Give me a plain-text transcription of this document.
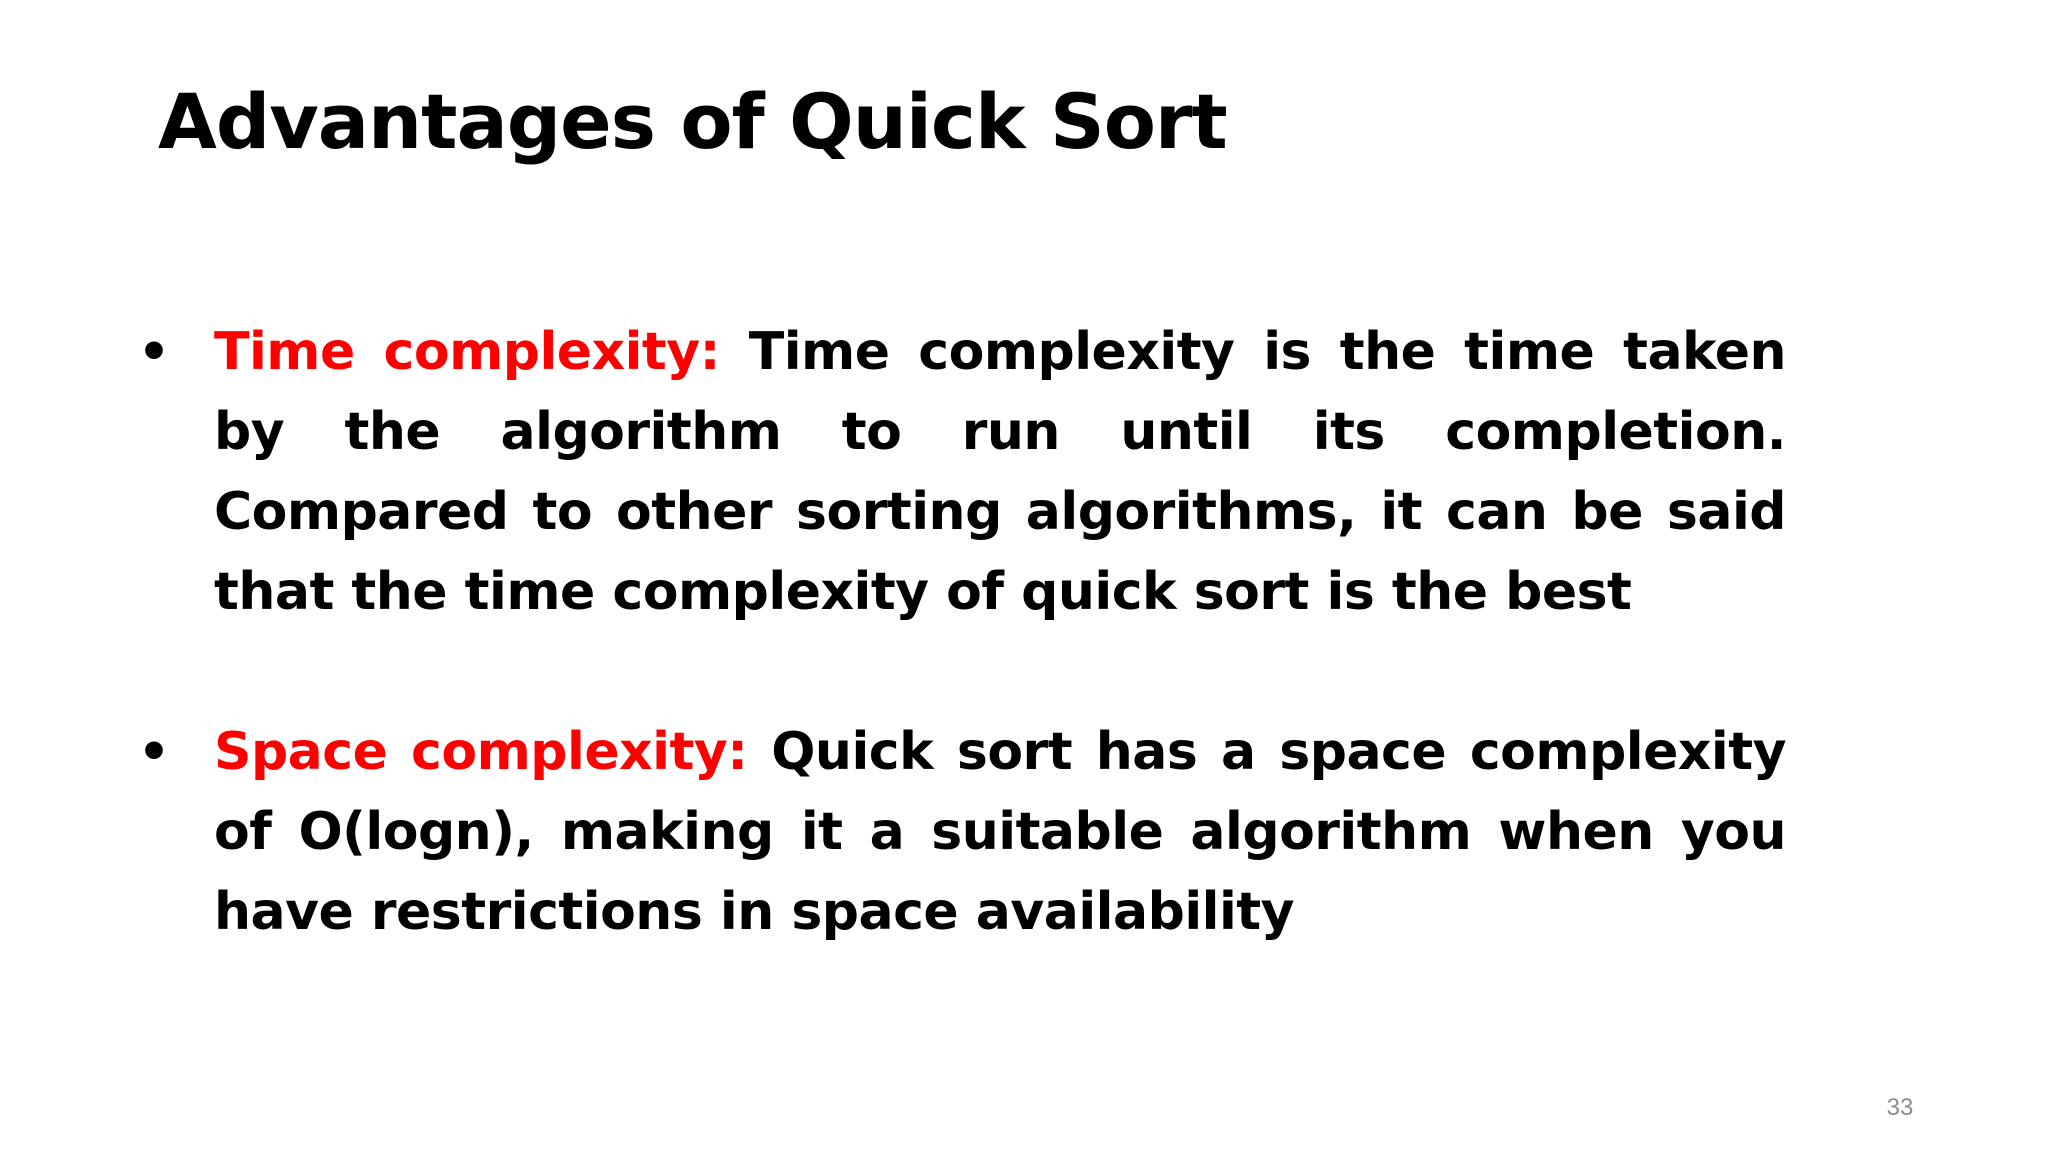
Advantages of Quick Sort
• Time complexity: Time complexity is the time taken by the algorithm to run until its completion. Compared to other sorting algorithms, it can be said that the time complexity of quick sort is the best
• Space complexity: Quick sort has a space complexity of O(logn), making it a suitable algorithm when you have restrictions in space availability
33
